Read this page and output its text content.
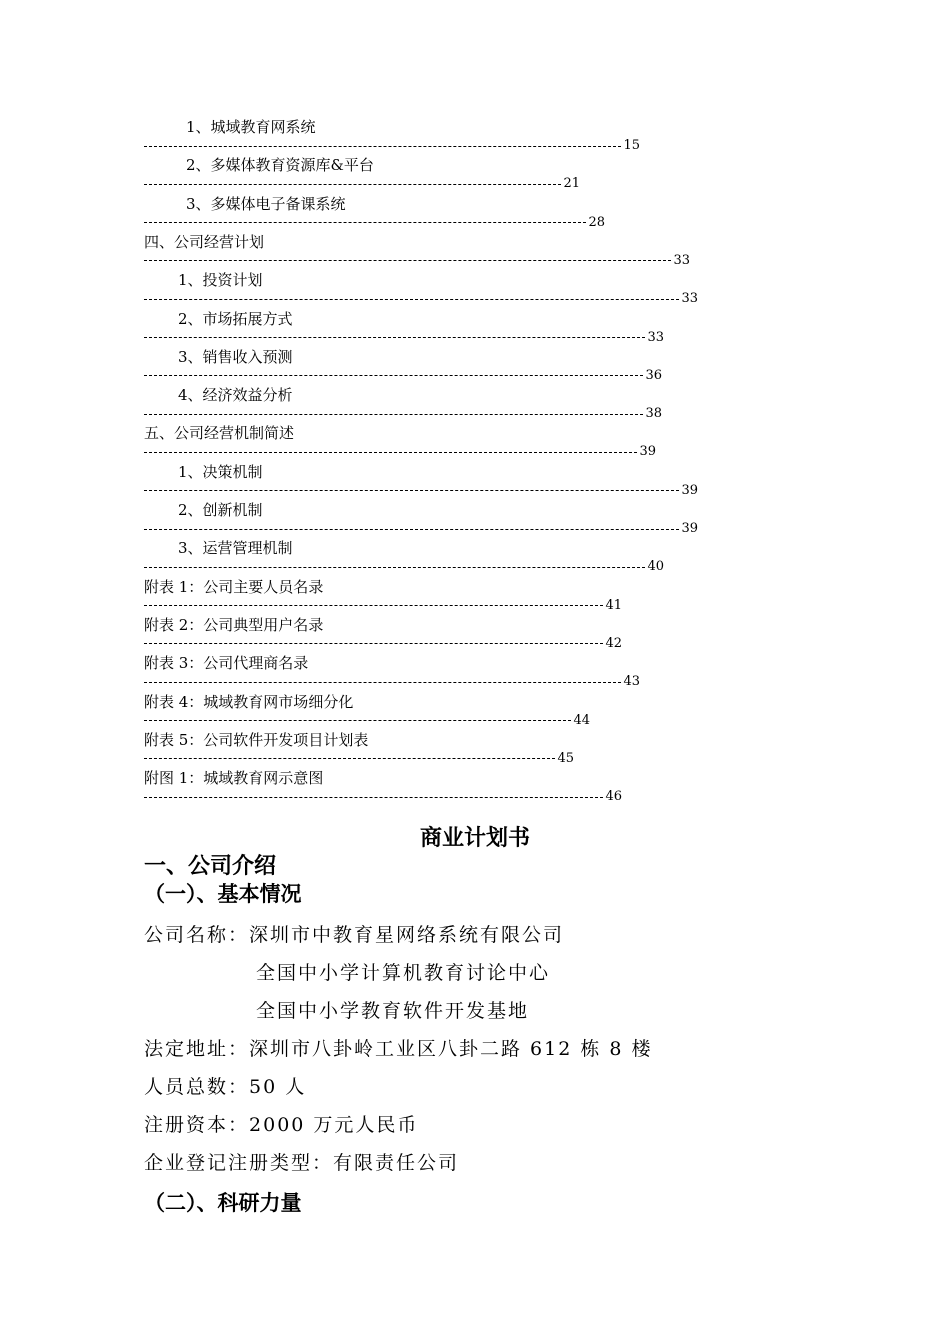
1、城域教育网系统
15
2、多媒体教育资源库&平台
21
3、多媒体电子备课系统
28
四、公司经营计划
33
1、投资计划
33
2、市场拓展方式
33
3、销售收入预测
36
4、经济效益分析
38
五、公司经营机制简述
39
1、决策机制
39
2、创新机制
39
3、运营管理机制
40
附表 1：公司主要人员名录
41
附表 2：公司典型用户名录
42
附表 3：公司代理商名录
43
附表 4：城域教育网市场细分化
44
附表 5：公司软件开发项目计划表
45
附图 1：城域教育网示意图
46
商业计划书
一、公司介绍
（一）、基本情况
公司名称：深圳市中教育星网络系统有限公司
全国中小学计算机教育讨论中心
全国中小学教育软件开发基地
法定地址：深圳市八卦岭工业区八卦二路 612 栋 8 楼
人员总数：50 人
注册资本：2000 万元人民币
企业登记注册类型：有限责任公司
（二）、科研力量
